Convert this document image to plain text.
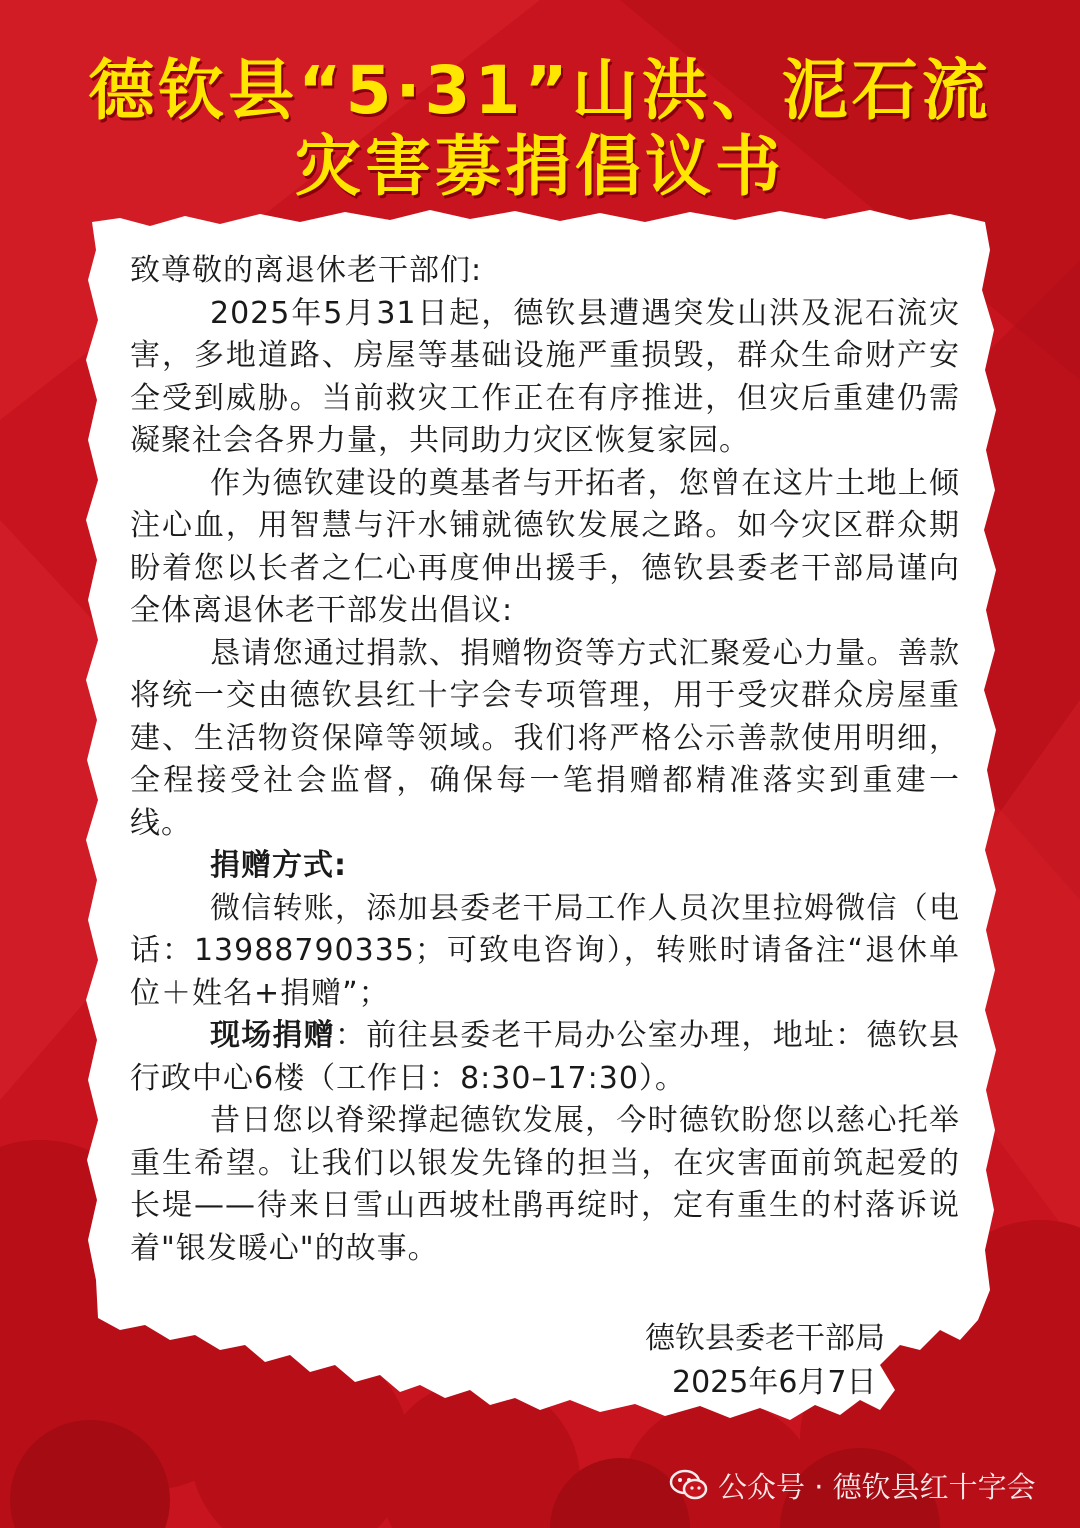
德钦县“5·31”山洪、泥石流
灾害募捐倡议书

致尊敬的离退休老干部们:

2025年5月31日起，德钦县遭遇突发山洪及泥石流灾害，多地道路、房屋等基础设施严重损毁，群众生命财产安全受到威胁。当前救灾工作正在有序推进，但灾后重建仍需凝聚社会各界力量，共同助力灾区恢复家园。

作为德钦建设的奠基者与开拓者，您曾在这片土地上倾注心血，用智慧与汗水铺就德钦发展之路。如今灾区群众期盼着您以长者之仁心再度伸出援手，德钦县委老干部局谨向全体离退休老干部发出倡议:

恳请您通过捐款、捐赠物资等方式汇聚爱心力量。善款将统一交由德钦县红十字会专项管理，用于受灾群众房屋重建、生活物资保障等领域。我们将严格公示善款使用明细，全程接受社会监督，确保每一笔捐赠都精准落实到重建一线。

捐赠方式:

微信转账，添加县委老干局工作人员次里拉姆微信（电话：13988790335；可致电咨询），转账时请备注“退休单位＋姓名+捐赠”；

现场捐赠：前往县委老干局办公室办理，地址：德钦县行政中心6楼（工作日：8:30–17:30）。

昔日您以脊梁撑起德钦发展，今时德钦盼您以慈心托举重生希望。让我们以银发先锋的担当，在灾害面前筑起爱的长堤——待来日雪山西坡杜鹃再绽时，定有重生的村落诉说着"银发暖心"的故事。

德钦县委老干部局
2025年6月7日
公众号 · 德钦县红十字会
